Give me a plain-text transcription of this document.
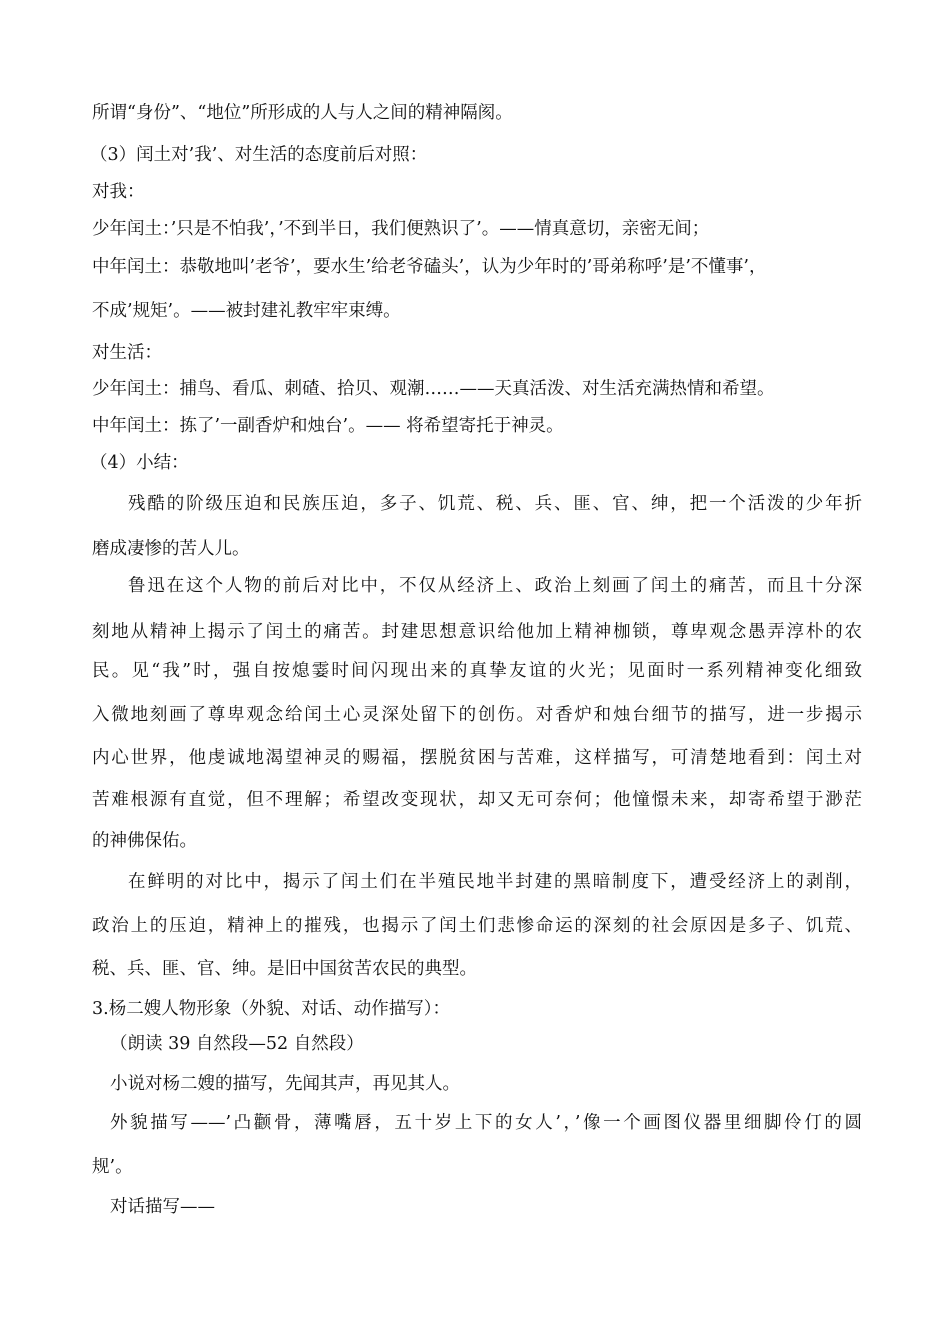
所谓“身份”、“地位”所形成的人与人之间的精神隔阂。
（3）闰土对’我’、对生活的态度前后对照：
对我：
少年闰土：’只是不怕我’，’不到半日，我们便熟识了’。——情真意切，亲密无间；
中年闰土：恭敬地叫’老爷’，要水生’给老爷磕头’，认为少年时的’哥弟称呼’是’不懂事’，
不成’规矩’。——被封建礼教牢牢束缚。
对生活：
少年闰土：捕鸟、看瓜、刺碴、拾贝、观潮……——天真活泼、对生活充满热情和希望。
中年闰土：拣了’一副香炉和烛台’。—— 将希望寄托于神灵。
（4）小结：
残酷的阶级压迫和民族压迫，多子、饥荒、税、兵、匪、官、绅，把一个活泼的少年折
磨成凄惨的苦人儿。
鲁迅在这个人物的前后对比中，不仅从经济上、政治上刻画了闰土的痛苦，而且十分深
刻地从精神上揭示了闰土的痛苦。封建思想意识给他加上精神枷锁，尊卑观念愚弄淳朴的农
民。见“我”时，强自按熄霎时间闪现出来的真挚友谊的火光；见面时一系列精神变化细致
入微地刻画了尊卑观念给闰土心灵深处留下的创伤。对香炉和烛台细节的描写，进一步揭示
内心世界，他虔诚地渴望神灵的赐福，摆脱贫困与苦难，这样描写，可清楚地看到：闰土对
苦难根源有直觉，但不理解；希望改变现状，却又无可奈何；他憧憬未来，却寄希望于渺茫
的神佛保佑。
在鲜明的对比中，揭示了闰土们在半殖民地半封建的黑暗制度下，遭受经济上的剥削，
政治上的压迫，精神上的摧残，也揭示了闰土们悲惨命运的深刻的社会原因是多子、饥荒、
税、兵、匪、官、绅。是旧中国贫苦农民的典型。
3.杨二嫂人物形象（外貌、对话、动作描写）：
（朗读 39 自然段—52 自然段）
小说对杨二嫂的描写，先闻其声，再见其人。
外貌描写——’凸颧骨，薄嘴唇，五十岁上下的女人’，’像一个画图仪器里细脚伶仃的圆
规’。
对话描写——
